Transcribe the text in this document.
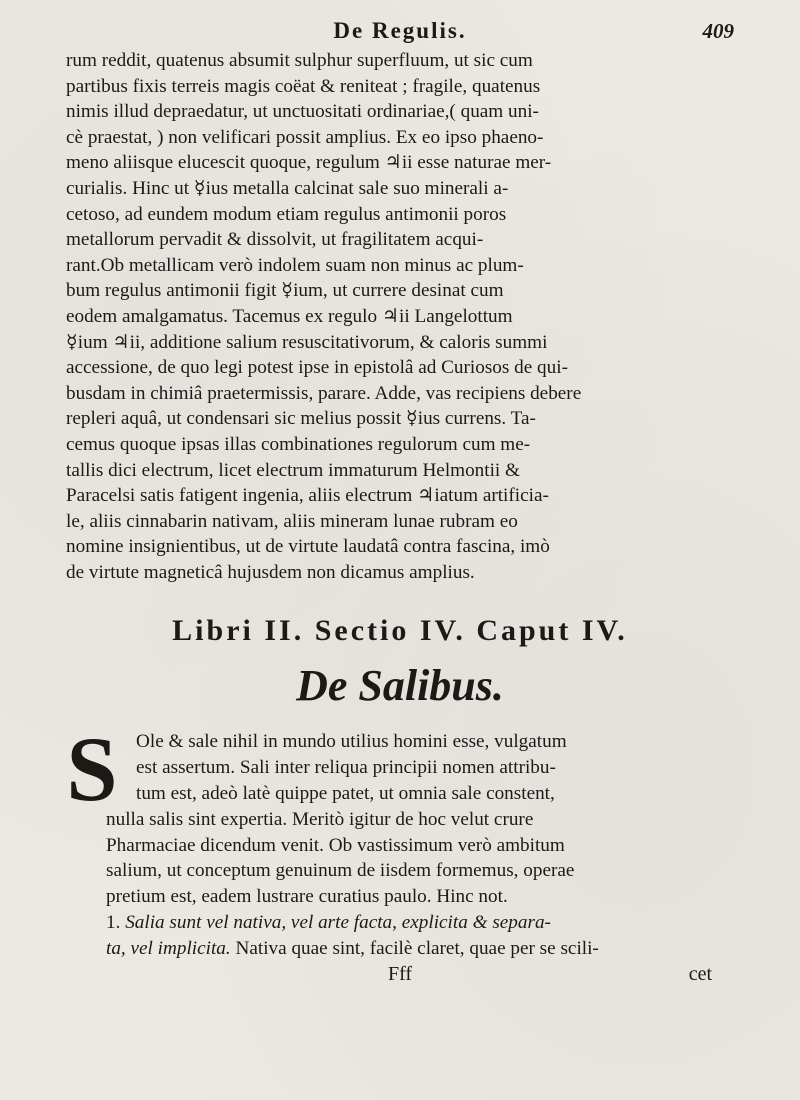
De Regulis.	409
rum reddit, quatenus absumit sulphur superfluum, ut sic cum
partibus fixis terreis magis coëat & reniteat ; fragile, quatenus
nimis illud depraedatur, ut unctuositati ordinariae,( quam uni-
cè praestat, ) non velificari possit amplius. Ex eo ipso phaeno-
meno aliisque elucescit quoque, regulum ♃ii esse naturae mer-
curialis. Hinc ut ☿ius metalla calcinat sale suo minerali a-
cetoso, ad eundem modum etiam regulus antimonii poros
metallorum pervadit & dissolvit, ut fragilitatem acqui-
rant.Ob metallicam verò indolem suam non minus ac plum-
bum regulus antimonii figit ☿ium, ut currere desinat cum
eodem amalgamatus. Tacemus ex regulo ♃ii Langelottum
☿ium ♃ii, additione salium resuscitativorum, & caloris summi
accessione, de quo legi potest ipse in epistolâ ad Curiosos de qui-
busdam in chimiâ praetermissis, parare. Adde, vas recipiens debere
repleri aquâ, ut condensari sic melius possit ☿ius currens. Ta-
cemus quoque ipsas illas combinationes regulorum cum me-
tallis dici electrum, licet electrum immaturum Helmontii &
Paracelsi satis fatigent ingenia, aliis electrum ♃iatum artificia-
le, aliis cinnabarin nativam, aliis mineram lunae rubram eo
nomine insignientibus, ut de virtute laudatâ contra fascina, imò
de virtute magneticâ hujusdem non dicamus amplius.
Libri II. Sectio IV. Caput IV.
De Salibus.
S Ole & sale nihil in mundo utilius homini esse, vulgatum
est assertum. Sali inter reliqua principii nomen attribu-
tum est, adeò latè quippe patet, ut omnia sale constent,
nulla salis sint expertia. Meritò igitur de hoc velut crure
Pharmaciae dicendum venit. Ob vastissimum verò ambitum
salium, ut conceptum genuinum de iisdem formemus, operae
pretium est, eadem lustrare curatius paulo. Hinc not.
1. Salia sunt vel nativa, vel arte facta, explicita & separa-
ta, vel implicita. Nativa quae sint, facilè claret, quae per se scili-
Fff	cet
